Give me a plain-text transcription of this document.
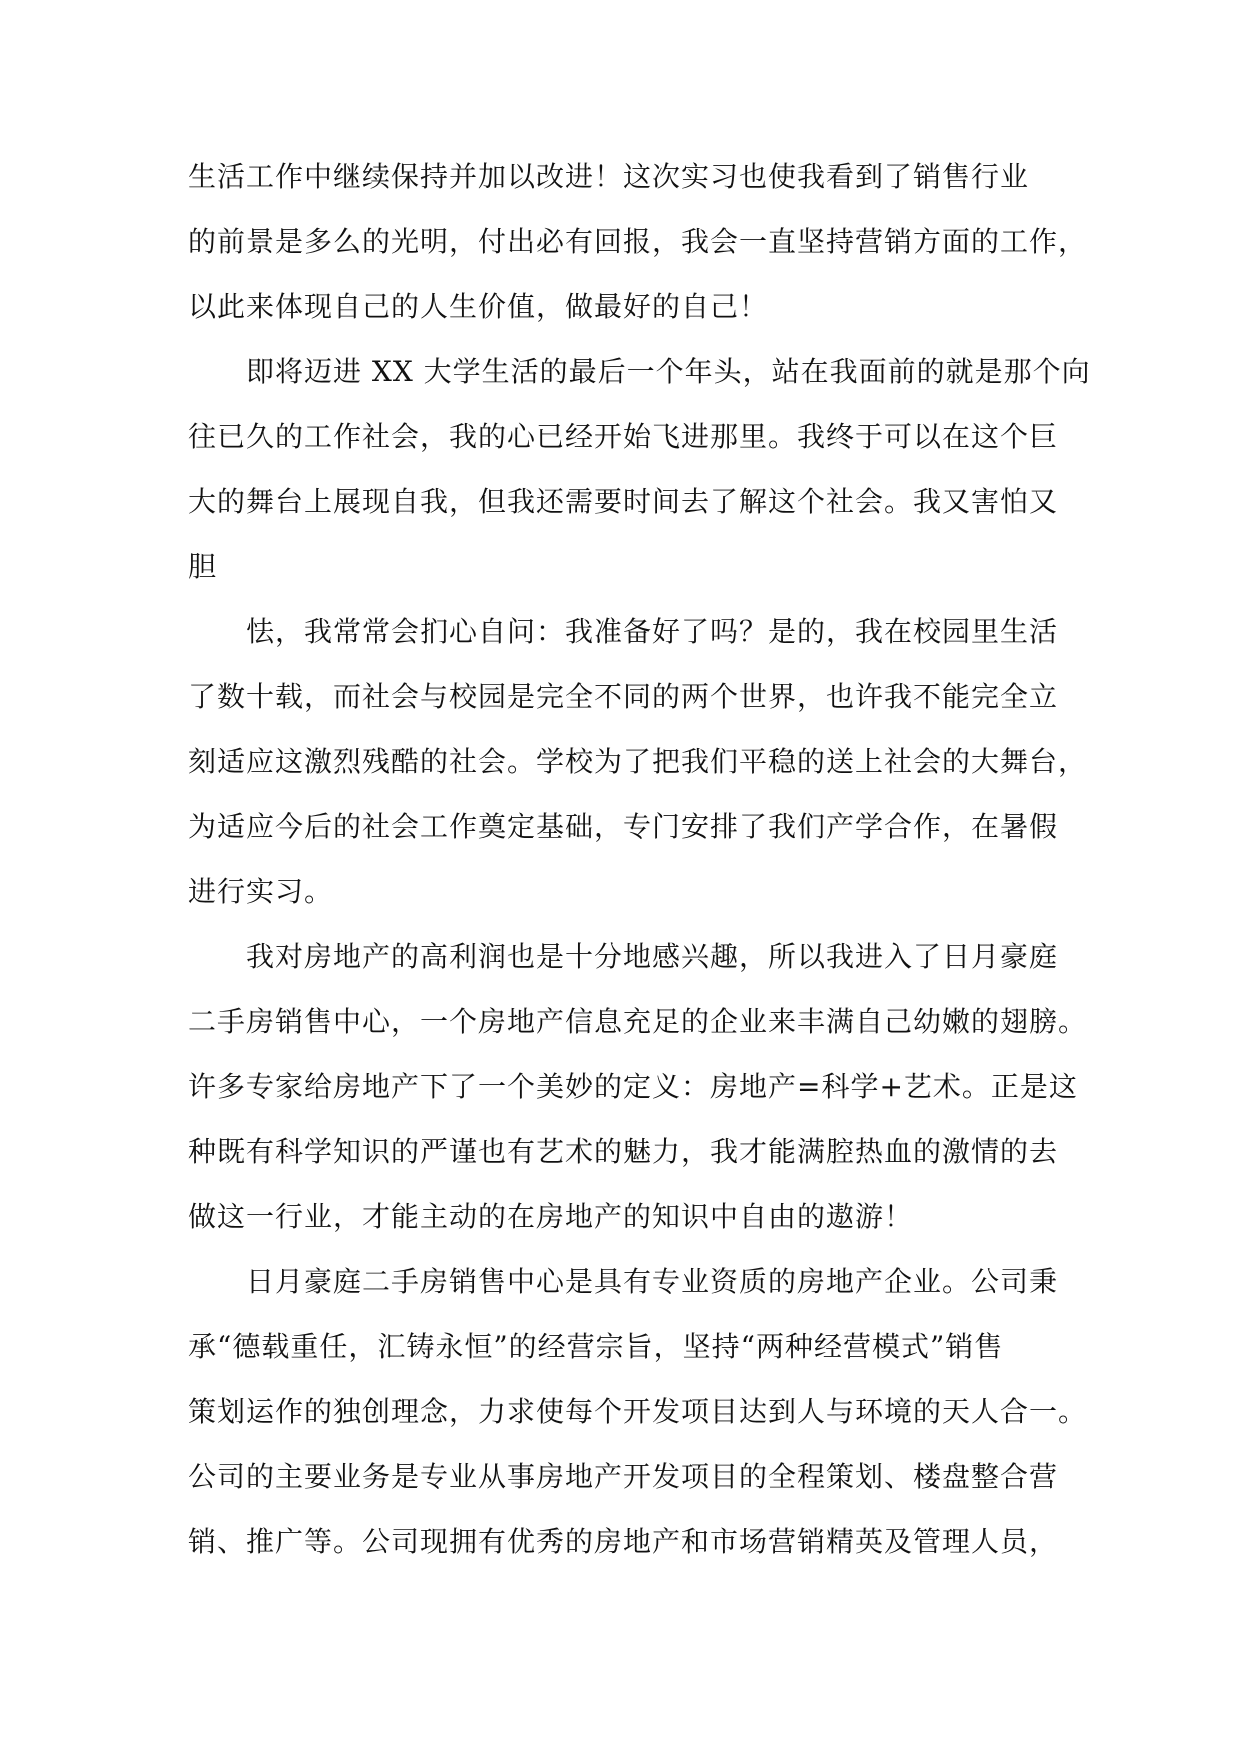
生活工作中继续保持并加以改进！这次实习也使我看到了销售行业
的前景是多么的光明，付出必有回报，我会一直坚持营销方面的工作，
以此来体现自己的人生价值，做最好的自己！
　　即将迈进 XX 大学生活的最后一个年头，站在我面前的就是那个向
往已久的工作社会，我的心已经开始飞进那里。我终于可以在这个巨
大的舞台上展现自我，但我还需要时间去了解这个社会。我又害怕又
胆
　　怯，我常常会扪心自问：我准备好了吗？是的，我在校园里生活
了数十载，而社会与校园是完全不同的两个世界，也许我不能完全立
刻适应这激烈残酷的社会。学校为了把我们平稳的送上社会的大舞台，
为适应今后的社会工作奠定基础，专门安排了我们产学合作，在暑假
进行实习。
　　我对房地产的高利润也是十分地感兴趣，所以我进入了日月豪庭
二手房销售中心，一个房地产信息充足的企业来丰满自己幼嫩的翅膀。
许多专家给房地产下了一个美妙的定义：房地产=科学+艺术。正是这
种既有科学知识的严谨也有艺术的魅力，我才能满腔热血的激情的去
做这一行业，才能主动的在房地产的知识中自由的遨游！
　　日月豪庭二手房销售中心是具有专业资质的房地产企业。公司秉
承“德载重任，汇铸永恒”的经营宗旨，坚持“两种经营模式”销售
策划运作的独创理念，力求使每个开发项目达到人与环境的天人合一。
公司的主要业务是专业从事房地产开发项目的全程策划、楼盘整合营
销、推广等。公司现拥有优秀的房地产和市场营销精英及管理人员，
